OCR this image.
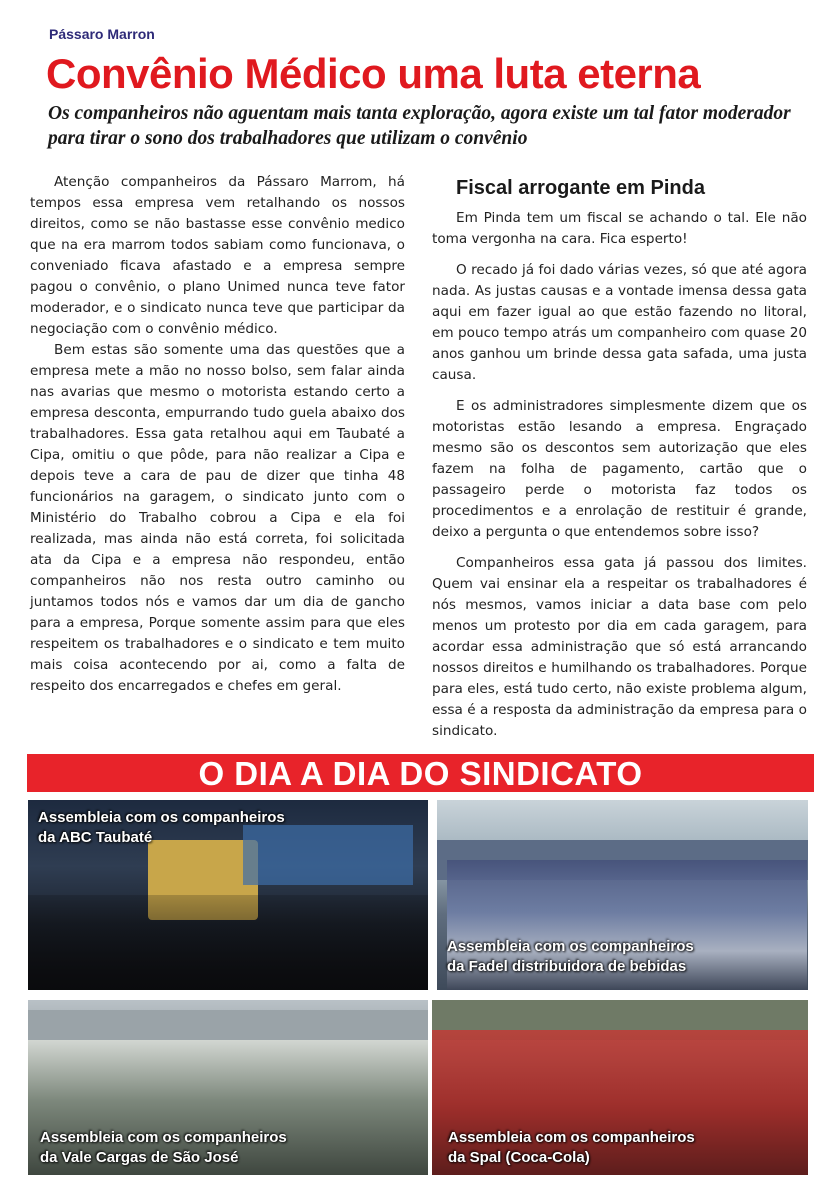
Pássaro Marron
Convênio Médico uma luta eterna
Os companheiros não aguentam mais tanta exploração, agora existe um tal fator moderador para tirar o sono dos trabalhadores que utilizam o convênio

Atenção companheiros da Pássaro Marrom, há tempos essa empresa vem retalhando os nossos direitos, como se não bastasse esse convênio medico que na era marrom todos sabiam como funcionava, o conveniado ficava afastado e a empresa sempre pagou o convênio, o plano Unimed nunca teve fator moderador, e o sindicato nunca teve que participar da negociação com o convênio médico.

Bem estas são somente uma das questões que a empresa mete a mão no nosso bolso, sem falar ainda nas avarias que mesmo o motorista estando certo a empresa desconta, empurrando tudo guela abaixo dos trabalhadores. Essa gata retalhou aqui em Taubaté a Cipa, omitiu o que pôde, para não realizar a Cipa e depois teve a cara de pau de dizer que tinha 48 funcionários na garagem, o sindicato junto com o Ministério do Trabalho cobrou a Cipa e ela foi realizada, mas ainda não está correta, foi solicitada ata da Cipa e a empresa não respondeu, então companheiros não nos resta outro caminho ou juntamos todos nós e vamos dar um dia de gancho para a empresa, Porque somente assim para que eles respeitem os trabalhadores e o sindicato e tem muito mais coisa acontecendo por ai, como a falta de respeito dos encarregados e chefes em geral.

Fiscal arrogante em Pinda

Em Pinda tem um fiscal se achando o tal. Ele não toma vergonha na cara. Fica esperto!

O recado já foi dado várias vezes, só que até agora nada. As justas causas e a vontade imensa dessa gata aqui em fazer igual ao que estão fazendo no litoral, em pouco tempo atrás um companheiro com quase 20 anos ganhou um brinde dessa gata safada, uma justa causa.

E os administradores simplesmente dizem que os motoristas estão lesando a empresa. Engraçado mesmo são os descontos sem autorização que eles fazem na folha de pagamento, cartão que o passageiro perde o motorista faz todos os procedimentos e a enrolação de restituir é grande, deixo a pergunta o que entendemos sobre isso?

Companheiros essa gata já passou dos limites. Quem vai ensinar ela a respeitar os trabalhadores é nós mesmos, vamos iniciar a data base com pelo menos um protesto por dia em cada garagem, para acordar essa administração que só está arrancando nossos direitos e humilhando os trabalhadores. Porque para eles, está tudo certo, não existe problema algum, essa é a resposta da administração da empresa para o sindicato.

O DIA A DIA DO SINDICATO
Assembleia com os companheiros
da ABC Taubaté
Assembleia com os companheiros
da Fadel distribuidora de bebidas
Assembleia com os companheiros
da Vale Cargas de São José
Assembleia com os companheiros
da Spal (Coca-Cola)
